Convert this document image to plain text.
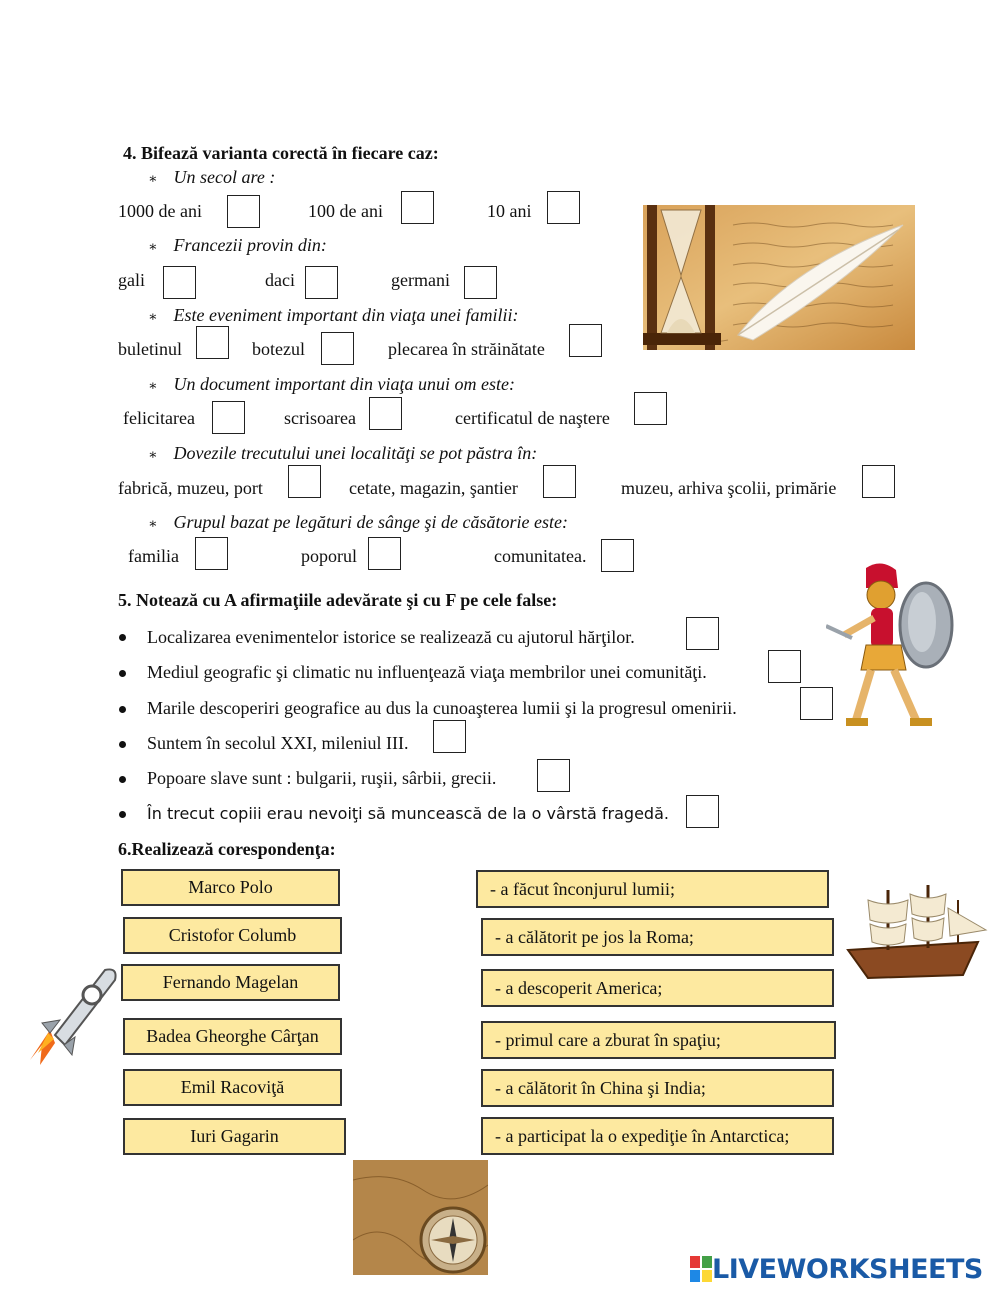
4. Bifează varianta corectă în fiecare caz:
∗ Un secol are :
1000 de ani	100 de ani	10 ani
∗ Francezii provin din:
gali	daci	germani
∗ Este eveniment important din viaţa unei familii:
buletinul	botezul	plecarea în străinătate
∗ Un document important din viaţa unui om este:
felicitarea	scrisoarea	certificatul de naştere
∗ Dovezile trecutului unei localităţi se pot păstra în:
fabrică, muzeu, port	cetate, magazin, şantier	muzeu, arhiva şcolii, primărie
∗ Grupul bazat pe legături de sânge şi de căsătorie este:
familia	poporul	comunitatea.
5. Notează cu A afirmaţiile adevărate şi cu F pe cele false:
Localizarea evenimentelor istorice se realizează cu ajutorul hărţilor.
Mediul geografic şi climatic nu influenţează viaţa membrilor unei comunităţi.
Marile descoperiri geografice au dus la cunoaşterea lumii şi la progresul omenirii.
Suntem în secolul XXI, mileniul III.
Popoare slave sunt : bulgarii, ruşii, sârbii, grecii.
În trecut copiii erau nevoiţi să muncească de la o vârstă fragedă.
6.Realizează corespondenţa:
Marco Polo
Cristofor Columb
Fernando Magelan
Badea Gheorghe Cârţan
Emil Racoviţă
Iuri Gagarin
- a făcut înconjurul lumii;
- a călătorit pe jos la Roma;
- a descoperit America;
- primul care a zburat în spaţiu;
- a călătorit în China şi India;
- a participat la o expediţie în Antarctica;
LIVEWORKSHEETS
